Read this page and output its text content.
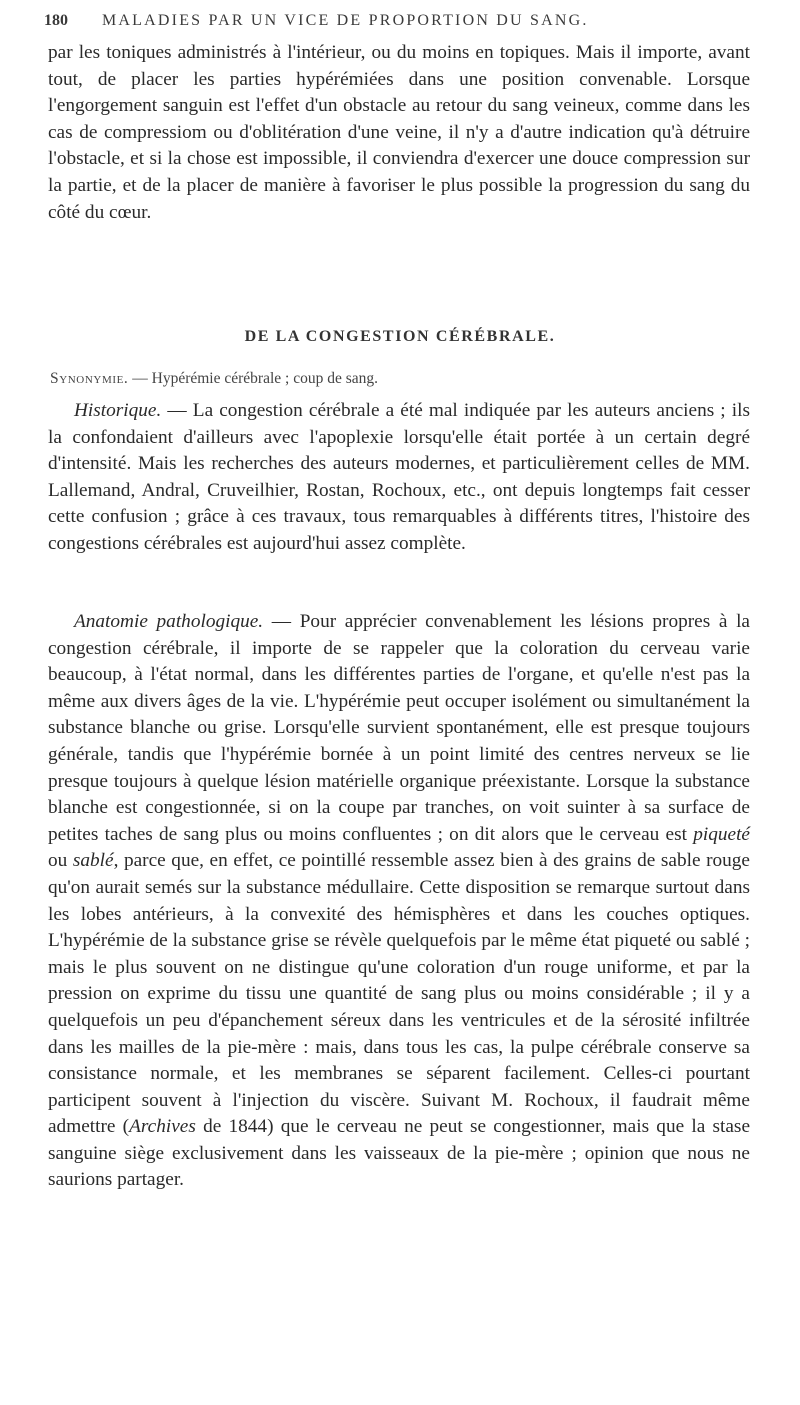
180 MALADIES PAR UN VICE DE PROPORTION DU SANG.

par les toniques administrés à l'intérieur, ou du moins en topiques. Mais il importe, avant tout, de placer les parties hypérémiées dans une position convenable. Lorsque l'engorgement sanguin est l'effet d'un obstacle au retour du sang veineux, comme dans les cas de compressiom ou d'oblitération d'une veine, il n'y a d'autre indication qu'à détruire l'obstacle, et si la chose est impossible, il conviendra d'exercer une douce compression sur la partie, et de la placer de manière à favoriser le plus possible la progression du sang du côté du cœur.

DE LA CONGESTION CÉRÉBRALE.

Synonymie. — Hypérémie cérébrale ; coup de sang.

Historique. — La congestion cérébrale a été mal indiquée par les auteurs anciens ; ils la confondaient d'ailleurs avec l'apoplexie lorsqu'elle était portée à un certain degré d'intensité. Mais les recherches des auteurs modernes, et particulièrement celles de MM. Lallemand, Andral, Cruveilhier, Rostan, Rochoux, etc., ont depuis longtemps fait cesser cette confusion ; grâce à ces travaux, tous remarquables à différents titres, l'histoire des congestions cérébrales est aujourd'hui assez complète.

Anatomie pathologique. — Pour apprécier convenablement les lésions propres à la congestion cérébrale, il importe de se rappeler que la coloration du cerveau varie beaucoup, à l'état normal, dans les différentes parties de l'organe, et qu'elle n'est pas la même aux divers âges de la vie. L'hypérémie peut occuper isolément ou simultanément la substance blanche ou grise. Lorsqu'elle survient spontanément, elle est presque toujours générale, tandis que l'hypérémie bornée à un point limité des centres nerveux se lie presque toujours à quelque lésion matérielle organique préexistante. Lorsque la substance blanche est congestionnée, si on la coupe par tranches, on voit suinter à sa surface de petites taches de sang plus ou moins confluentes ; on dit alors que le cerveau est piqueté ou sablé, parce que, en effet, ce pointillé ressemble assez bien à des grains de sable rouge qu'on aurait semés sur la substance médullaire. Cette disposition se remarque surtout dans les lobes antérieurs, à la convexité des hémisphères et dans les couches optiques. L'hypérémie de la substance grise se révèle quelquefois par le même état piqueté ou sablé ; mais le plus souvent on ne distingue qu'une coloration d'un rouge uniforme, et par la pression on exprime du tissu une quantité de sang plus ou moins considérable ; il y a quelquefois un peu d'épanchement séreux dans les ventricules et de la sérosité infiltrée dans les mailles de la pie-mère : mais, dans tous les cas, la pulpe cérébrale conserve sa consistance normale, et les membranes se séparent facilement. Celles-ci pourtant participent souvent à l'injection du viscère. Suivant M. Rochoux, il faudrait même admettre (Archives de 1844) que le cerveau ne peut se congestionner, mais que la stase sanguine siège exclusivement dans les vaisseaux de la pie-mère ; opinion que nous ne saurions partager.
